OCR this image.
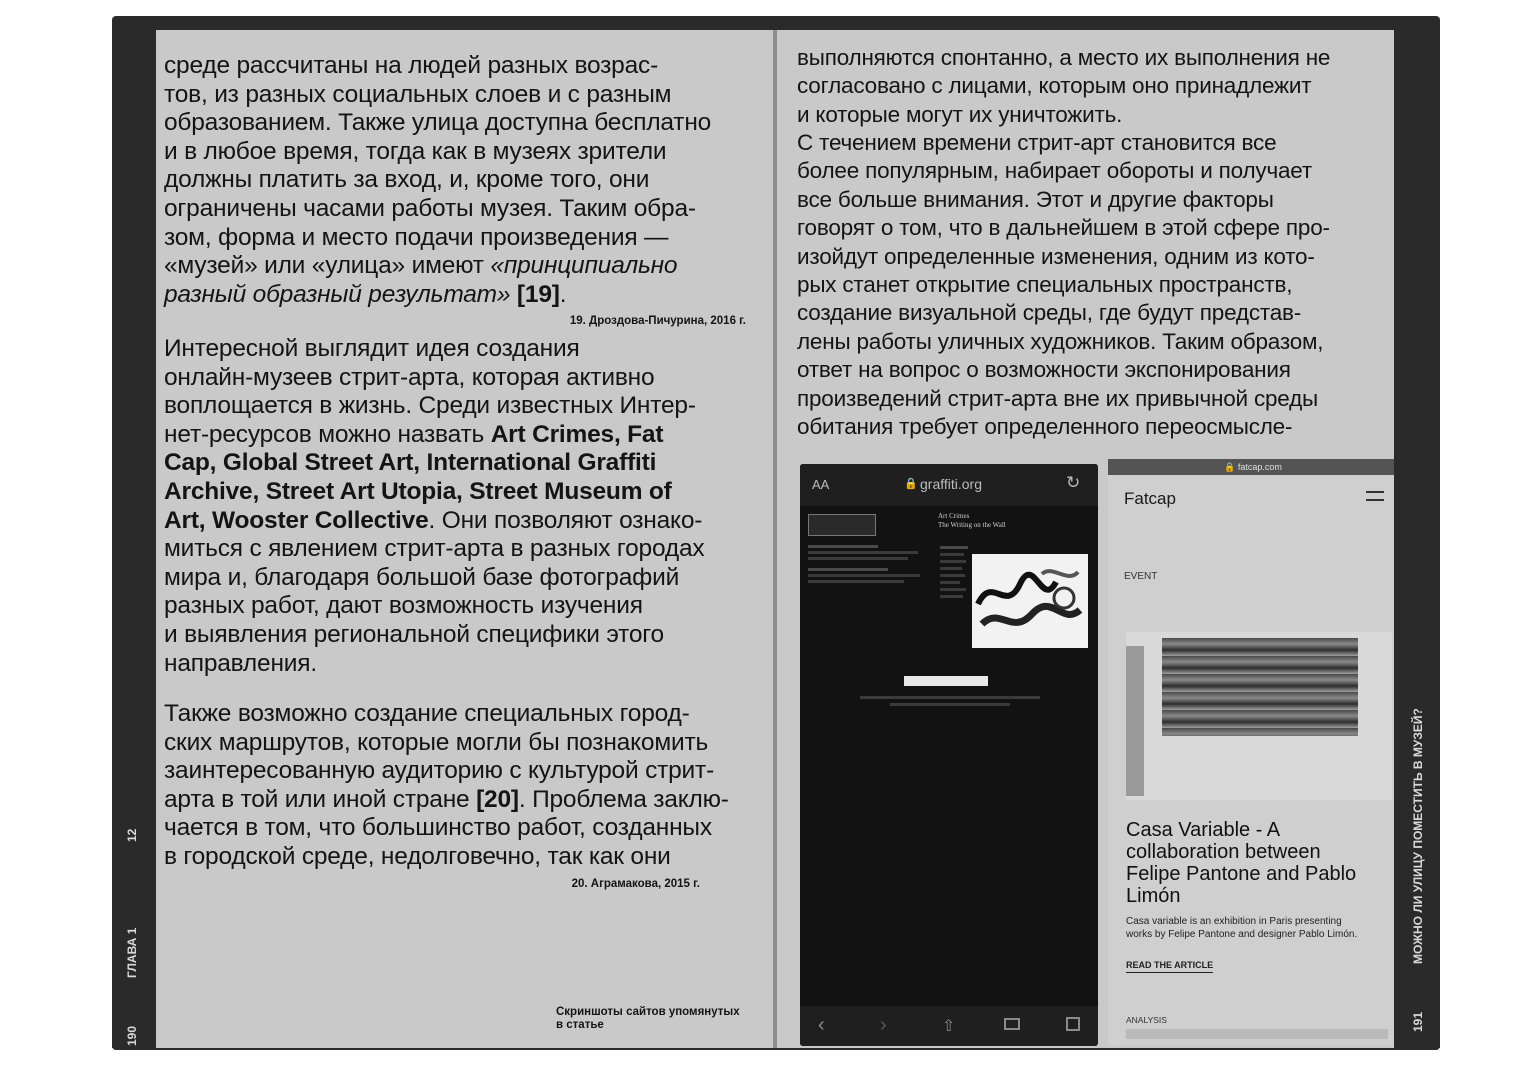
190
ГЛАВА 1
12

среде рассчитаны на людей разных возрас-

тов, из разных социальных слоев и с разным

образованием. Также улица доступна бесплатно

и в любое время, тогда как в музеях зрители

должны платить за вход, и, кроме того, они

ограничены часами работы музея. Таким обра-

зом, форма и место подачи произведения —

«музей» или «улица» имеют «принципиально

разный образный результат» [19].

19. Дроздова-Пичурина, 2016 г.

Интересной выглядит идея создания

онлайн-музеев стрит-арта, которая активно

воплощается в жизнь. Среди известных Интер-

нет-ресурсов можно назвать Art Crimes, Fat

Cap, Global Street Art, International Graffiti

Archive, Street Art Utopia, Street Museum of

Art, Wooster Collective. Они позволяют ознако-

миться с явлением стрит-арта в разных городах

мира и, благодаря большой базе фотографий

разных работ, дают возможность изучения

и выявления региональной специфики этого

направления.

Также возможно создание специальных город-

ских маршрутов, которые могли бы познакомить

заинтересованную аудиторию с культурой стрит-

арта в той или иной стране [20]. Проблема заклю-

чается в том, что большинство работ, созданных

в городской среде, недолговечно, так как они

20. Аграмакова, 2015 г.
Скриншоты сайтов упомянутых
в статье

выполняются спонтанно, а место их выполнения не

согласовано с лицами, которым оно принадлежит

и которые могут их уничтожить.

С течением времени стрит-арт становится все

более популярным, набирает обороты и получает

все больше внимания. Этот и другие факторы

говорят о том, что в дальнейшем в этой сфере про-

изойдут определенные изменения, одним из кото-

рых станет открытие специальных пространств,

создание визуальной среды, где будут представ-

лены работы уличных художников. Таким образом,

ответ на вопрос о возможности экспонирования

произведений стрит-арта вне их привычной среды

обитания требует определенного переосмысле-

AA	🔒 graffiti.org	↻
Art Crimes
The Writing on the Wall
‹	›	⇧
🔒 fatcap.com
Fatcap
EVENT
Casa Variable - A
collaboration between
Felipe Pantone and Pablo
Limón
Casa variable is an exhibition in Paris presenting
works by Felipe Pantone and designer Pablo Limón.
READ THE ARTICLE
ANALYSIS	191
МОЖНО ЛИ УЛИЦУ ПОМЕСТИТЬ В МУЗЕЙ?
